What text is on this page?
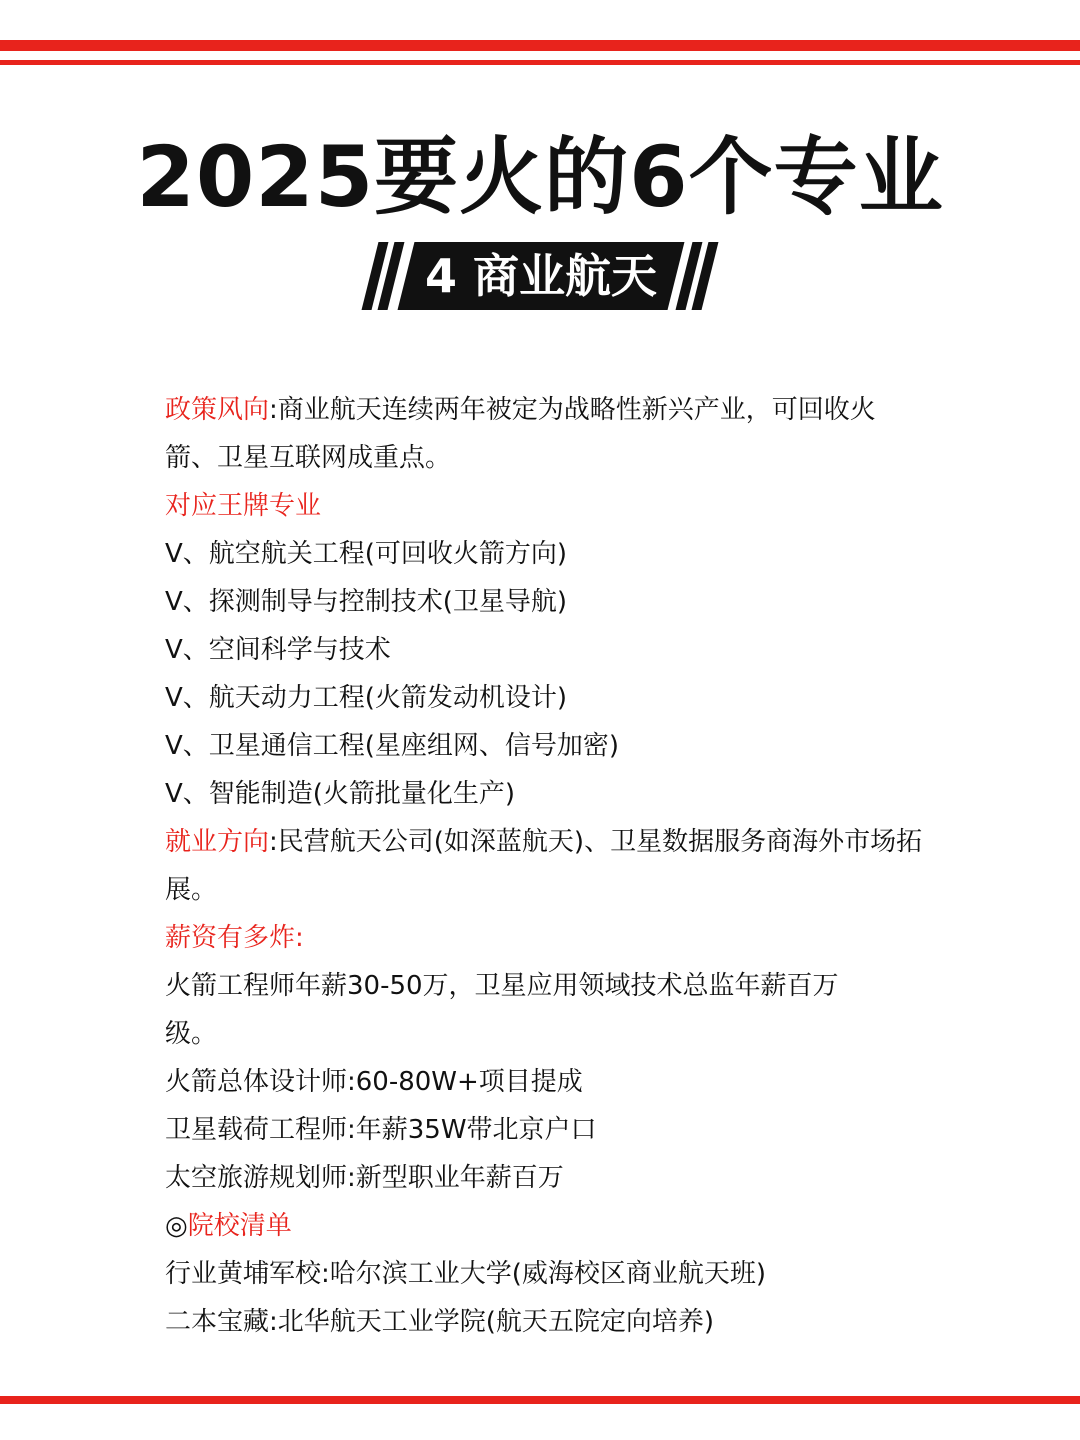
2025要火的6个专业
4 商业航天

政策风向:商业航天连续两年被定为战略性新兴产业，可回收火箭、卫星互联网成重点。

对应王牌专业

V、航空航关工程(可回收火箭方向)

V、探测制导与控制技术(卫星导航)

V、空间科学与技术

V、航天动力工程(火箭发动机设计)

V、卫星通信工程(星座组网、信号加密)

V、智能制造(火箭批量化生产)

就业方向:民营航天公司(如深蓝航天)、卫星数据服务商海外市场拓展。

薪资有多炸:

火箭工程师年薪30-50万，卫星应用领域技术总监年薪百万级。

火箭总体设计师:60-80W+项目提成

卫星载荷工程师:年薪35W带北京户口

太空旅游规划师:新型职业年薪百万

◎院校清单

行业黄埔军校:哈尔滨工业大学(威海校区商业航天班)

二本宝藏:北华航天工业学院(航天五院定向培养)
